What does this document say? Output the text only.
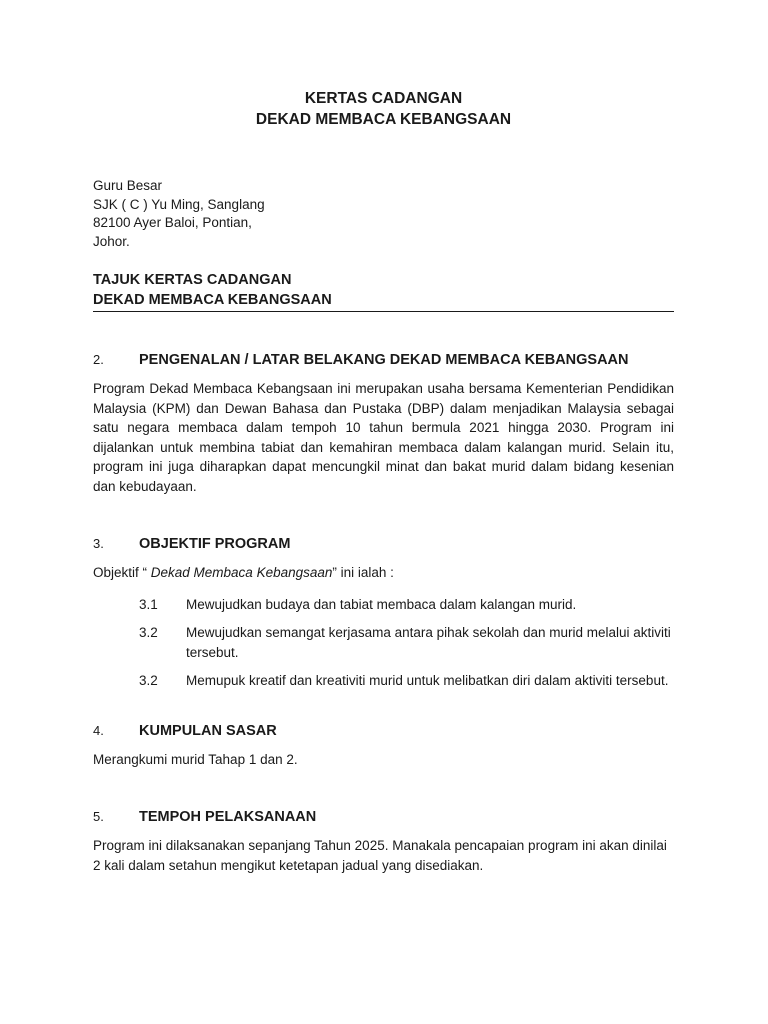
KERTAS CADANGAN
DEKAD MEMBACA KEBANGSAAN
Guru Besar
SJK ( C ) Yu Ming, Sanglang
82100 Ayer Baloi, Pontian,
Johor.
TAJUK KERTAS CADANGAN
DEKAD MEMBACA KEBANGSAAN
2.	PENGENALAN / LATAR BELAKANG DEKAD MEMBACA KEBANGSAAN

Program Dekad Membaca Kebangsaan ini merupakan usaha bersama Kementerian Pendidikan Malaysia (KPM) dan Dewan Bahasa dan Pustaka (DBP) dalam menjadikan Malaysia sebagai satu negara membaca dalam tempoh 10 tahun bermula 2021 hingga 2030. Program ini dijalankan untuk membina tabiat dan kemahiran membaca dalam kalangan murid. Selain itu, program ini juga diharapkan dapat mencungkil minat dan bakat murid dalam bidang kesenian dan kebudayaan.

3.	OBJEKTIF PROGRAM

Objektif “ Dekad Membaca Kebangsaan” ini ialah :

3.1	Mewujudkan budaya dan tabiat membaca dalam kalangan murid.
3.2	Mewujudkan semangat kerjasama antara pihak sekolah dan murid melalui aktiviti tersebut.
3.2	Memupuk kreatif dan kreativiti murid untuk melibatkan diri dalam aktiviti tersebut.
4.	KUMPULAN SASAR

Merangkumi murid Tahap 1 dan 2.

5.	TEMPOH PELAKSANAAN

Program ini dilaksanakan sepanjang Tahun 2025. Manakala pencapaian program ini akan dinilai 2 kali dalam setahun mengikut ketetapan jadual yang disediakan.
